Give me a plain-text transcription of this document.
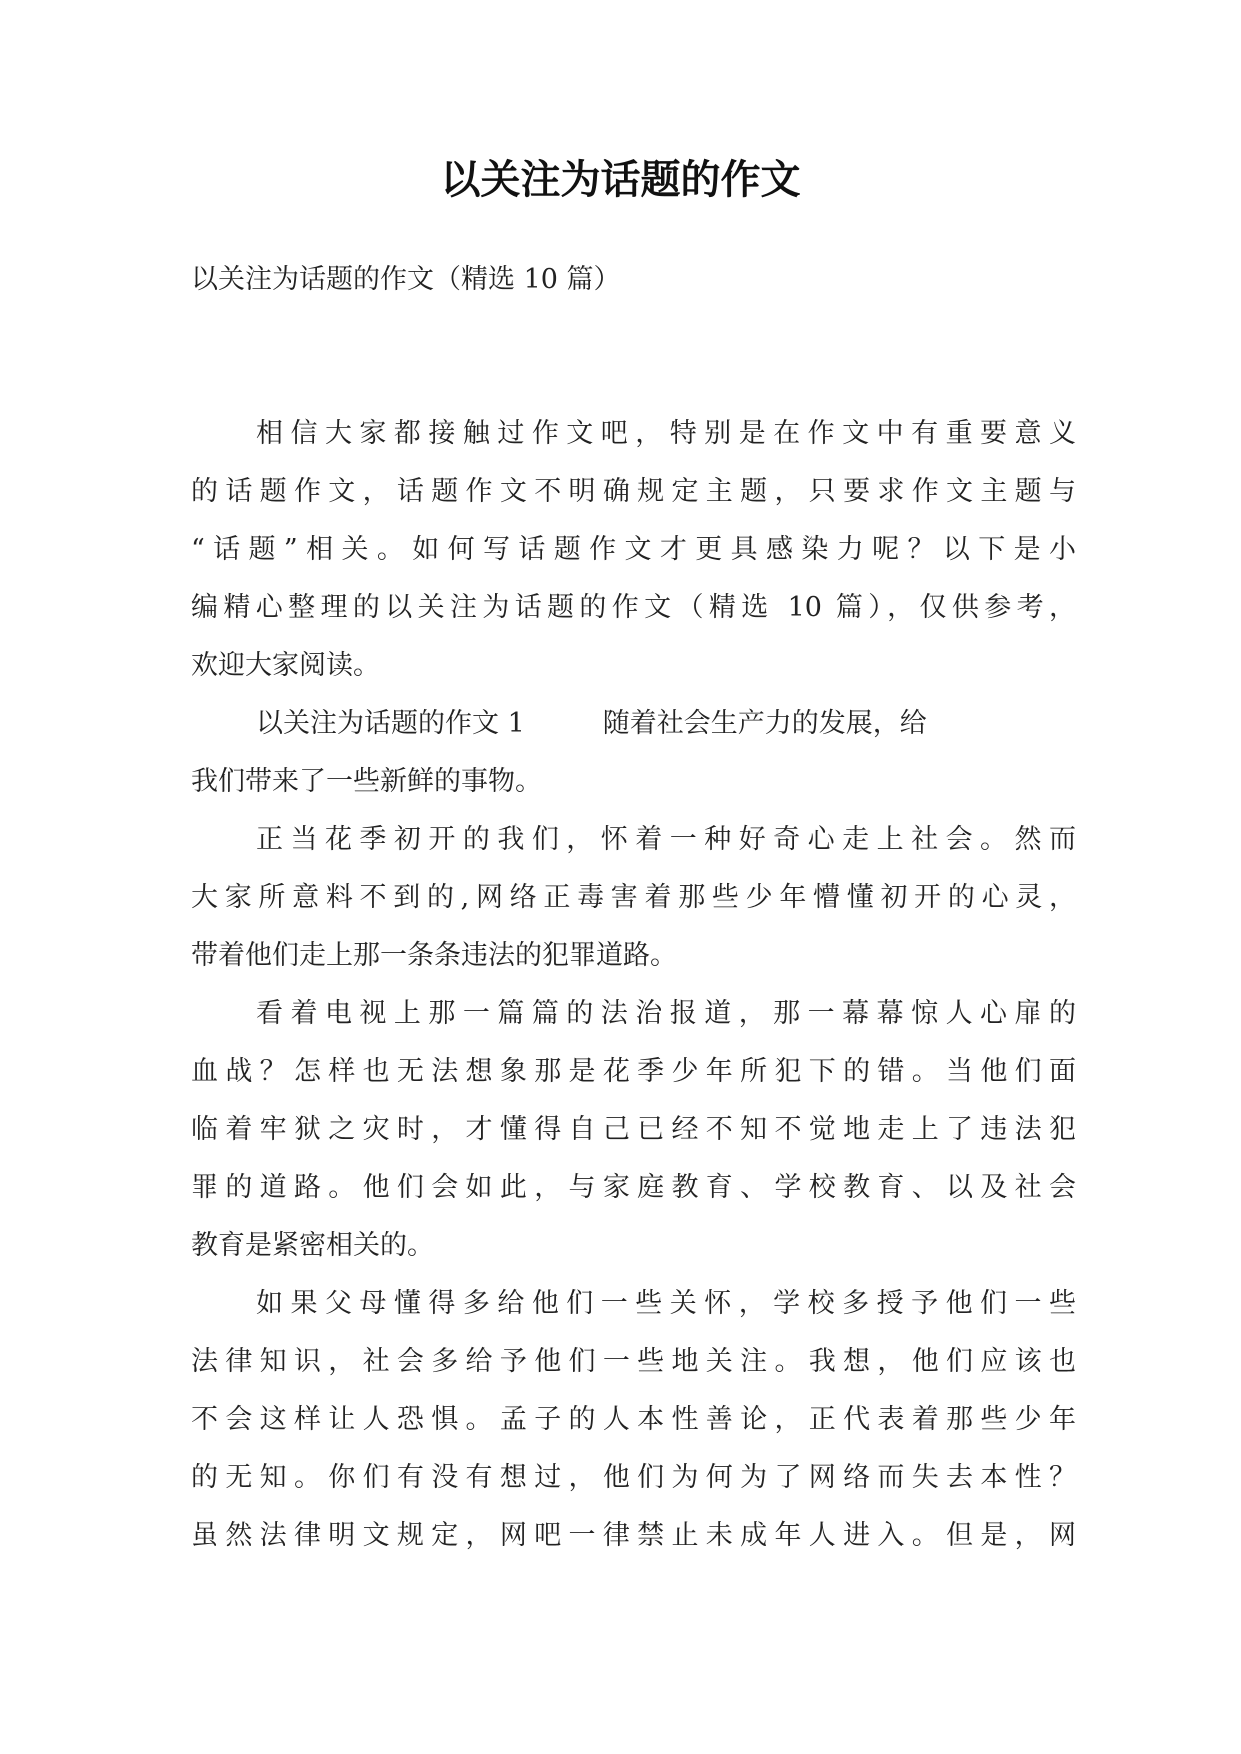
以关注为话题的作文

以关注为话题的作文（精选 10 篇）

相信大家都接触过作文吧，特别是在作文中有重要意义
的话题作文，话题作文不明确规定主题，只要求作文主题与
“话题”相关。如何写话题作文才更具感染力呢？以下是小
编精心整理的以关注为话题的作文（精选 10 篇），仅供参考，
欢迎大家阅读。
以关注为话题的作文 1	随着社会生产力的发展，给
我们带来了一些新鲜的事物。
正当花季初开的我们，怀着一种好奇心走上社会。然而
大家所意料不到的,网络正毒害着那些少年懵懂初开的心灵，
带着他们走上那一条条违法的犯罪道路。
看着电视上那一篇篇的法治报道，那一幕幕惊人心扉的
血战？怎样也无法想象那是花季少年所犯下的错。当他们面
临着牢狱之灾时，才懂得自己已经不知不觉地走上了违法犯
罪的道路。他们会如此，与家庭教育、学校教育、以及社会
教育是紧密相关的。
如果父母懂得多给他们一些关怀，学校多授予他们一些
法律知识，社会多给予他们一些地关注。我想，他们应该也
不会这样让人恐惧。孟子的人本性善论，正代表着那些少年
的无知。你们有没有想过，他们为何为了网络而失去本性？
虽然法律明文规定，网吧一律禁止未成年人进入。但是，网
